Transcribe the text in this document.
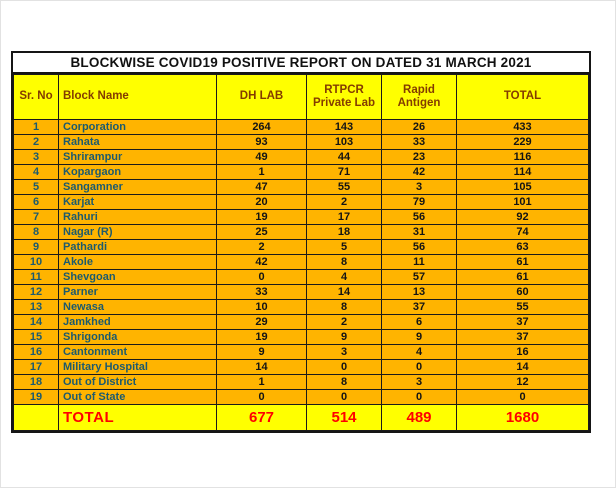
BLOCKWISE COVID19 POSITIVE REPORT ON DATED 31 MARCH 2021
Sr. No	Block Name	DH LAB	RTPCR Private Lab	Rapid Antigen	TOTAL
1	Corporation	264	143	26	433
2	Rahata	93	103	33	229
3	Shrirampur	49	44	23	116
4	Kopargaon	1	71	42	114
5	Sangamner	47	55	3	105
6	Karjat	20	2	79	101
7	Rahuri	19	17	56	92
8	Nagar (R)	25	18	31	74
9	Pathardi	2	5	56	63
10	Akole	42	8	11	61
11	Shevgoan	0	4	57	61
12	Parner	33	14	13	60
13	Newasa	10	8	37	55
14	Jamkhed	29	2	6	37
15	Shrigonda	19	9	9	37
16	Cantonment	9	3	4	16
17	Military Hospital	14	0	0	14
18	Out of District	1	8	3	12
19	Out of State	0	0	0	0
	TOTAL	677	514	489	1680
